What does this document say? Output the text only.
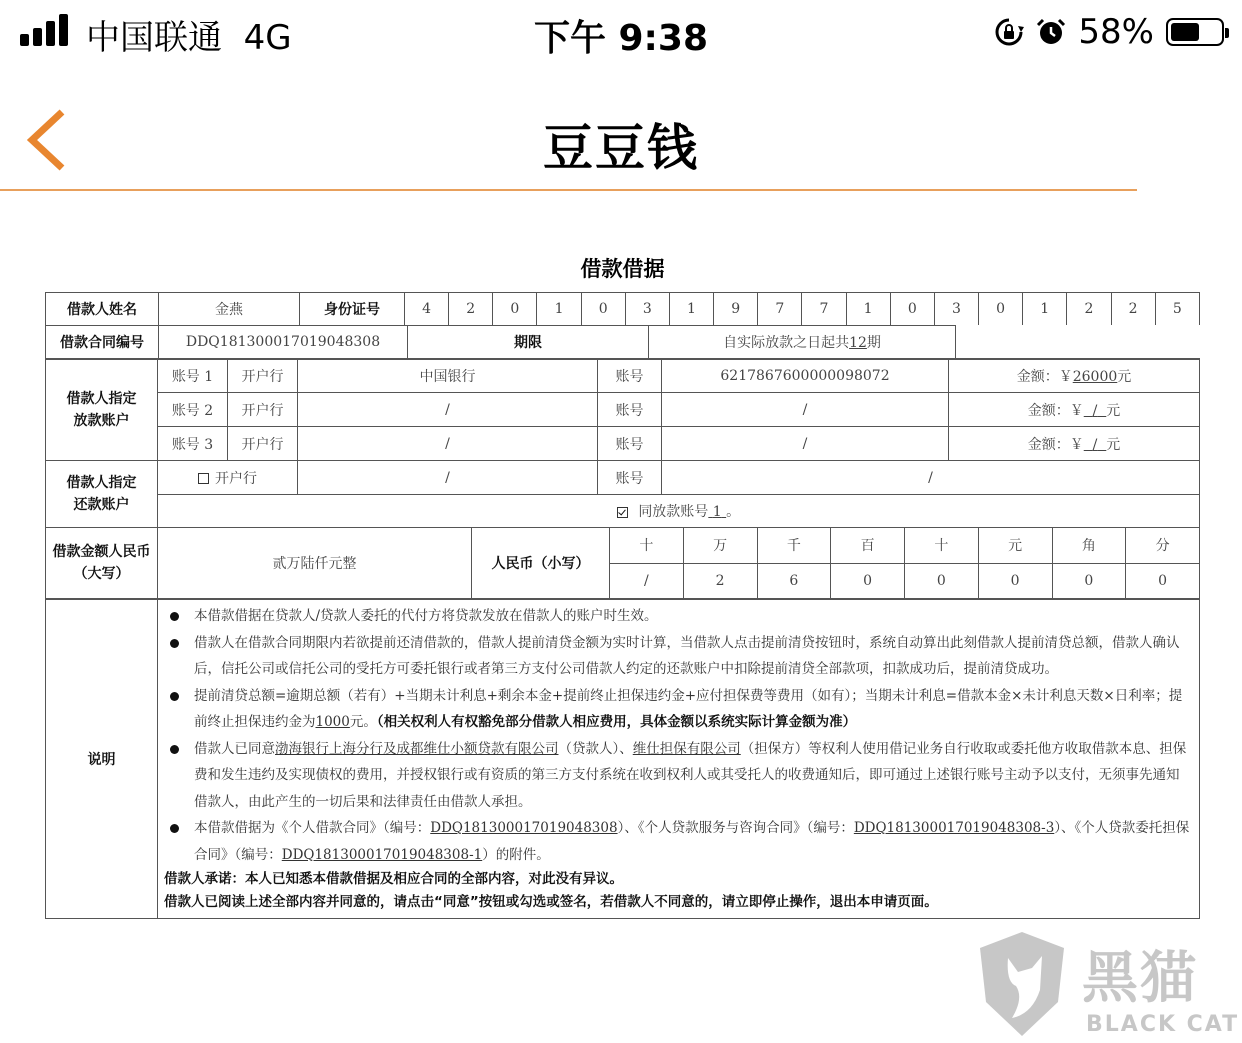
中国联通 4G	下午 9:38	58%
豆豆钱
借款借据
借款人姓名	金燕	身份证号	4	2	0	1	0	3	1	9	7	7	1	0	3	0	1	2	2	5
借款合同编号	DDQ181300017019048308	期限	自实际放款之日起共12期	
借款人指定放款账户	账号 1	开户行	中国银行	账号	6217867600000098072	金额：￥26000元
	账号 2	开户行	/	账号	/	金额：￥ / 元
	账号 3	开户行	/	账号	/	金额：￥ / 元
借款人指定还款账户	开户行		/	账号	/	
	同放款账号 1 。					
借款金额人民币（大写）	贰万陆仟元整	人民币（小写）	十	万	千	百	十	元	角	分
			/	2	6	0	0	0	0	0
说明	
本借款借据在贷款人/贷款人委托的代付方将贷款发放在借款人的账户时生效。
借款人在借款合同期限内若欲提前还清借款的，借款人提前清贷金额为实时计算，当借款人点击提前清贷按钮时，系统自动算出此刻借款人提前清贷总额，借款人确认后，信托公司或信托公司的受托方可委托银行或者第三方支付公司借款人约定的还款账户中扣除提前清贷全部款项，扣款成功后，提前清贷成功。
提前清贷总额=逾期总额（若有）+当期未计利息+剩余本金+提前终止担保违约金+应付担保费等费用（如有）；当期未计利息=借款本金×未计利息天数×日利率；提前终止担保违约金为1000元。（相关权利人有权豁免部分借款人相应费用，具体金额以系统实际计算金额为准）
借款人已同意渤海银行上海分行及成都维仕小额贷款有限公司（贷款人）、维仕担保有限公司（担保方）等权利人使用借记业务自行收取或委托他方收取借款本息、担保费和发生违约及实现债权的费用，并授权银行或有资质的第三方支付系统在收到权利人或其受托人的收费通知后，即可通过上述银行账号主动予以支付，无须事先通知借款人，由此产生的一切后果和法律责任由借款人承担。
本借款借据为《个人借款合同》（编号：DDQ181300017019048308）、《个人贷款服务与咨询合同》（编号：DDQ181300017019048308-3）、《个人贷款委托担保合同》（编号：DDQ181300017019048308-1）的附件。
借款人承诺：本人已知悉本借款借据及相应合同的全部内容，对此没有异议。
借款人已阅读上述全部内容并同意的，请点击“同意”按钮或勾选或签名，若借款人不同意的，请立即停止操作，退出本申请页面。
黑猫
BLACK CAT
